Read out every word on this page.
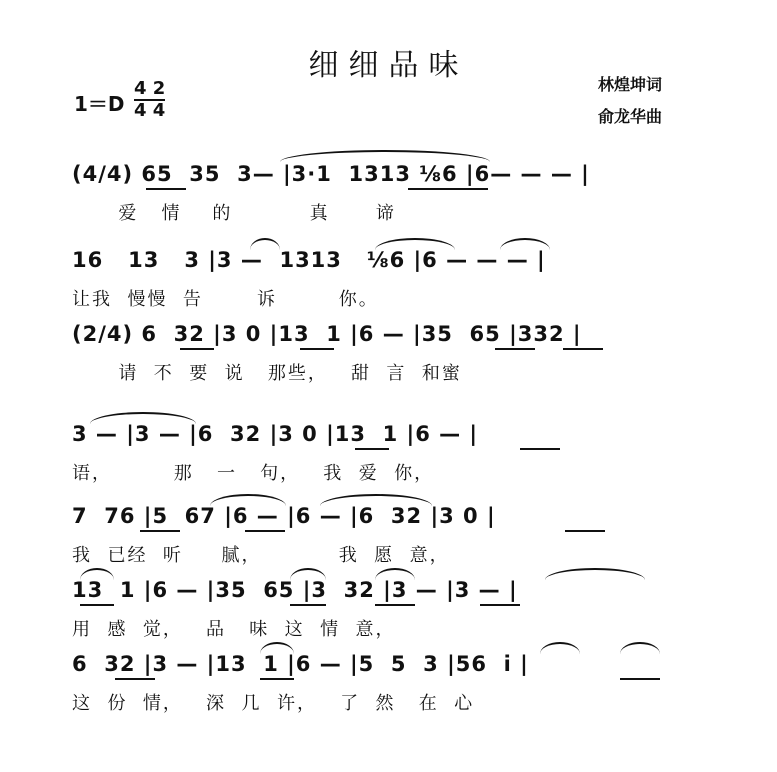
细细品味
林煌坤词
俞龙华曲
$1=D \frac{4 2}{4 4}$
(4/4) 65  35  3— |3·1  1313 ⅛6 |6— — — |
爱   情    的          真      谛
16   13   3 |3 —  1313   ⅛6 |6 — — — |
让我  慢慢  告       诉        你。
(2/4) 6  32 |3 0 |13  1 |6 — |35  65 |332 |
请  不  要  说   那些，   甜  言  和蜜
3 — |3 — |6  32 |3 0 |13  1 |6 — |
语，        那   一   句，   我  爱  你，
7  76 |5  67 |6 — |6 — |6  32 |3 0 |
我  已经  听     腻，          我  愿  意，
13  1 |6 — |35  65 |3  32 |3 — |3 — |
用  感  觉，   品   味  这  情  意，
6  32 |3 — |13  1 |6 — |5  5  3 |56  i |
这  份  情，   深  几  许，   了  然   在  心
